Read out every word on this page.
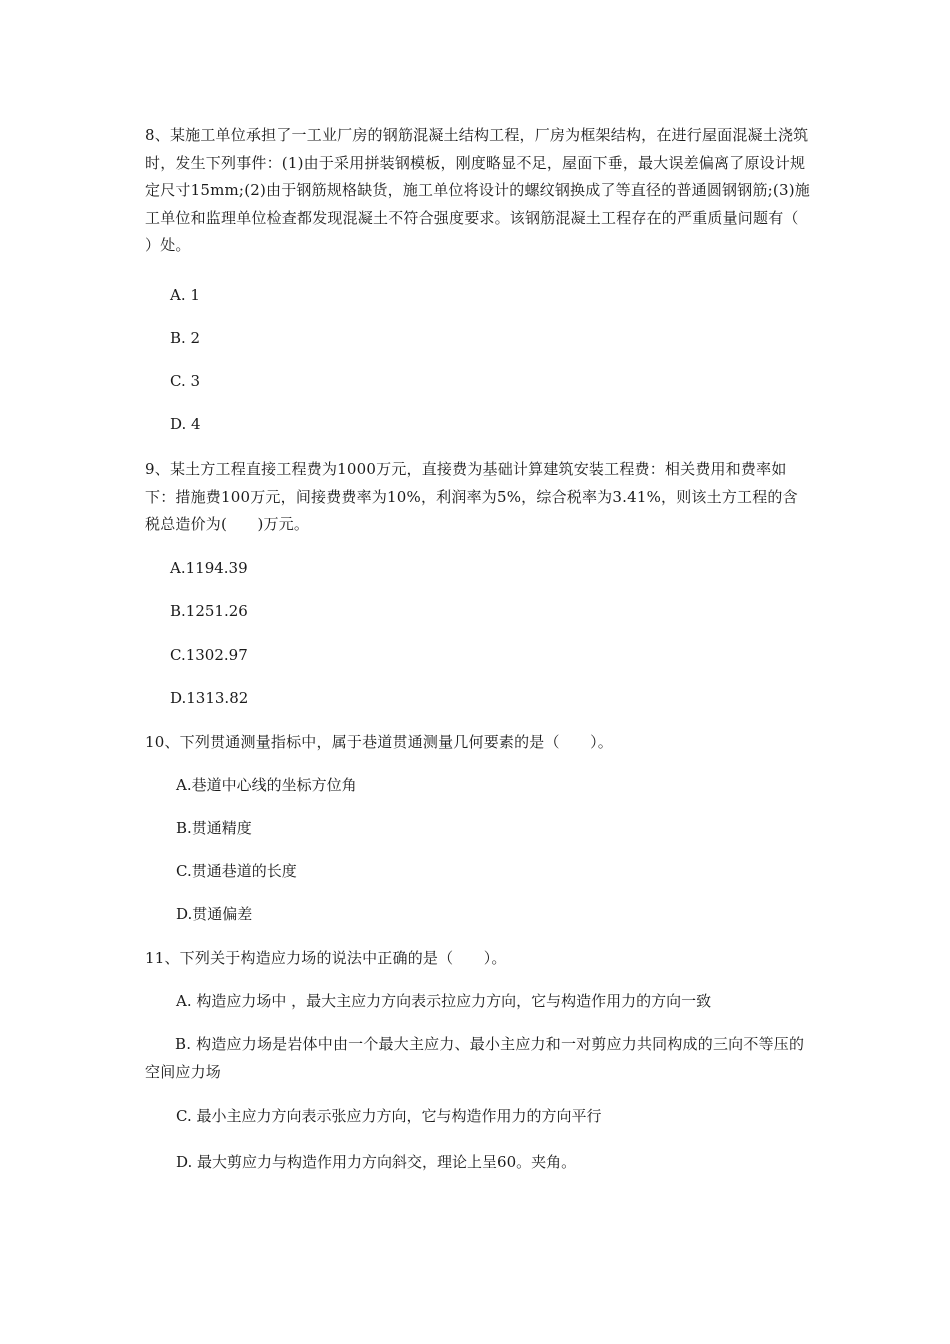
8、某施工单位承担了一工业厂房的钢筋混凝土结构工程，厂房为框架结构，在进行屋面混凝土浇筑时，发生下列事件：(1)由于采用拼装钢模板，刚度略显不足，屋面下垂，最大误差偏离了原设计规定尺寸15mm;(2)由于钢筋规格缺货，施工单位将设计的螺纹钢换成了等直径的普通圆钢钢筋;(3)施工单位和监理单位检查都发现混凝土不符合强度要求。该钢筋混凝土工程存在的严重质量问题有（　　）处。
A. 1
B. 2
C. 3
D. 4
9、某土方工程直接工程费为1000万元，直接费为基础计算建筑安装工程费：相关费用和费率如下：措施费100万元，间接费费率为10%，利润率为5%，综合税率为3.41%，则该土方工程的含税总造价为(　　)万元。
A.1194.39
B.1251.26
C.1302.97
D.1313.82
10、下列贯通测量指标中，属于巷道贯通测量几何要素的是（　　）。
A.巷道中心线的坐标方位角
B.贯通精度
C.贯通巷道的长度
D.贯通偏差
11、下列关于构造应力场的说法中正确的是（　　）。
A. 构造应力场中 ，最大主应力方向表示拉应力方向，它与构造作用力的方向一致
B. 构造应力场是岩体中由一个最大主应力、最小主应力和一对剪应力共同构成的三向不等压的空间应力场
C. 最小主应力方向表示张应力方向，它与构造作用力的方向平行
D. 最大剪应力与构造作用力方向斜交，理论上呈60。夹角。
